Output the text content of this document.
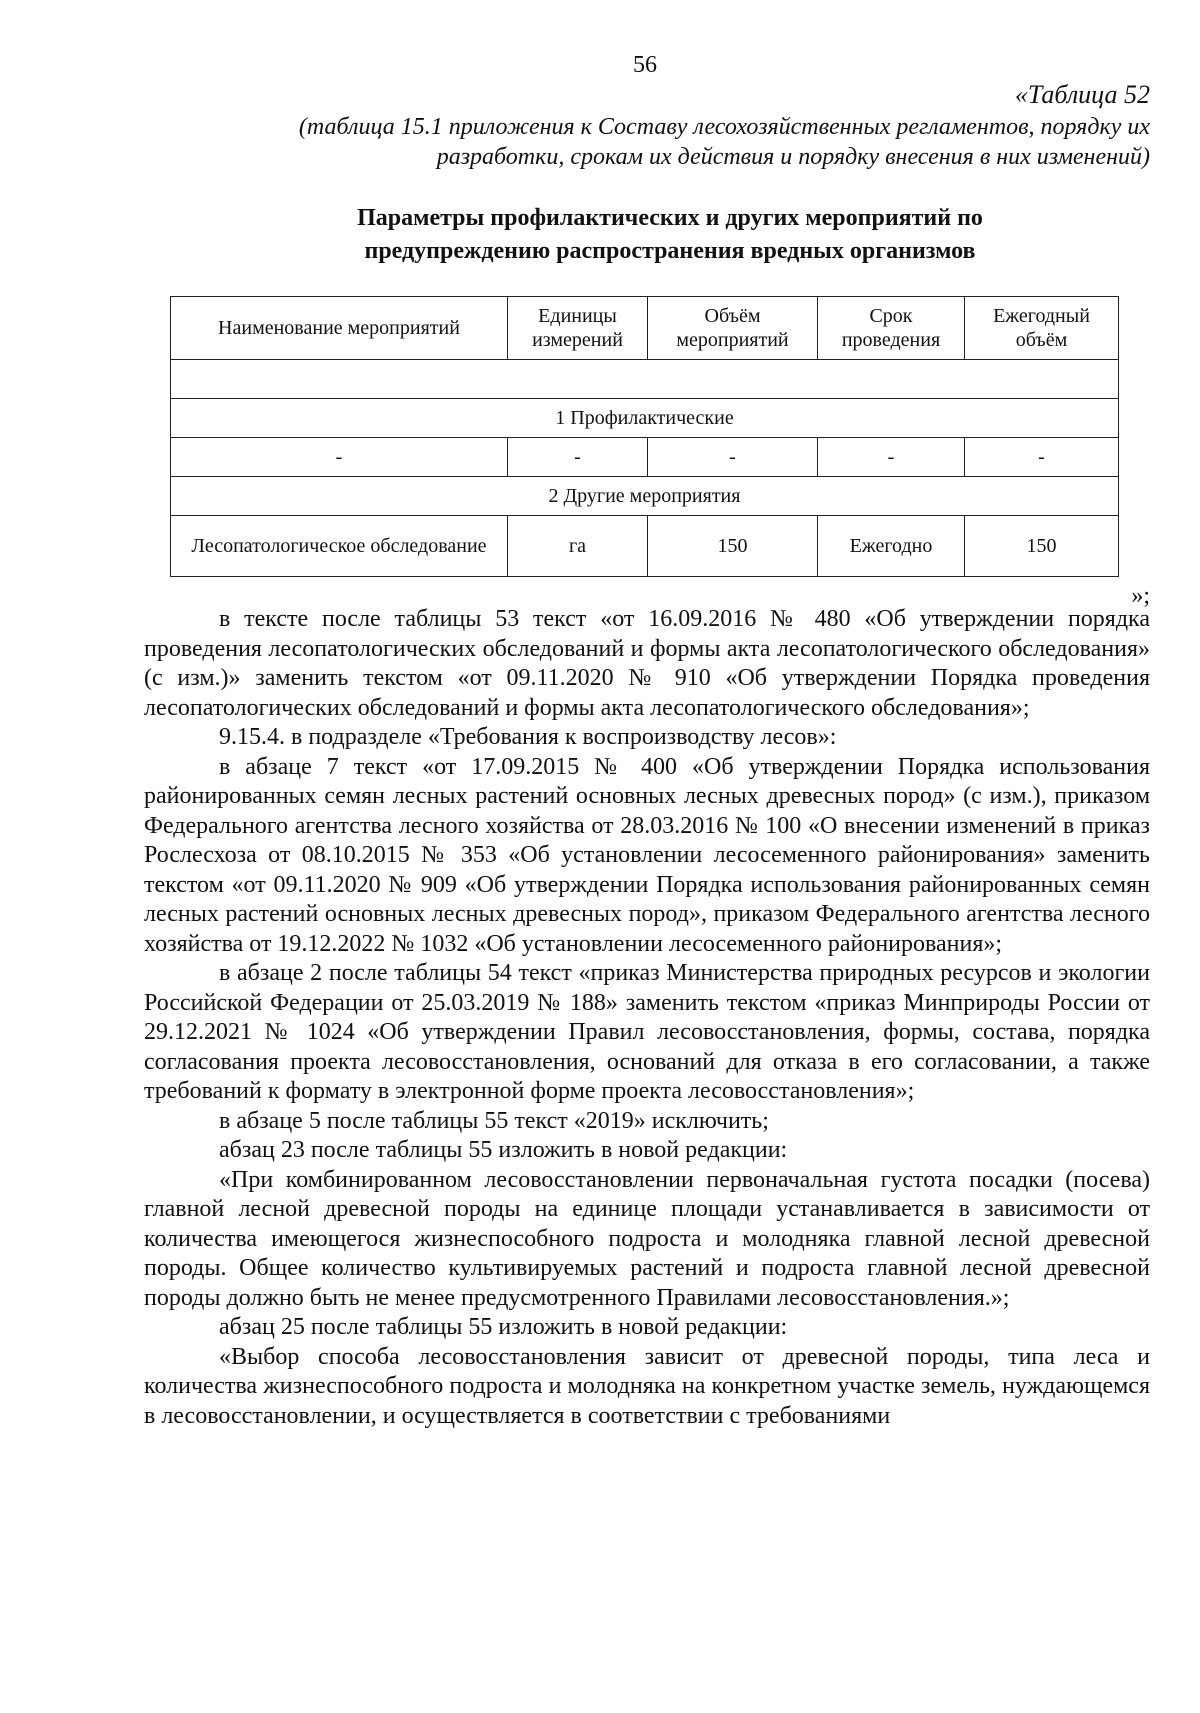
56
«Таблица 52
(таблица 15.1 приложения к Составу лесохозяйственных регламентов, порядку их разработки, срокам их действия и порядку внесения в них изменений)
Параметры профилактических и других мероприятий по
предупреждению распространения вредных организмов
Наименование мероприятий	Единицы измерений	Объём мероприятий	Срок проведения	Ежегодный объём

1 Профилактические				
-	-	-	-	-
2 Другие мероприятия				
Лесопатологическое обследование	га	150	Ежегодно	150
»;

в тексте после таблицы 53 текст «от 16.09.2016 № 480 «Об утверждении порядка проведения лесопатологических обследований и формы акта лесопатологического обследования» (с изм.)» заменить текстом «от 09.11.2020 № 910 «Об утверждении Порядка проведения лесопатологических обследований и формы акта лесопатологического обследования»;

9.15.4. в подразделе «Требования к воспроизводству лесов»:

в абзаце 7 текст «от 17.09.2015 № 400 «Об утверждении Порядка использования районированных семян лесных растений основных лесных древесных пород» (с изм.), приказом Федерального агентства лесного хозяйства от 28.03.2016 № 100 «О внесении изменений в приказ Рослесхоза от 08.10.2015 № 353 «Об установлении лесосеменного районирования» заменить текстом «от 09.11.2020 № 909 «Об утверждении Порядка использования районированных семян лесных растений основных лесных древесных пород», приказом Федерального агентства лесного хозяйства от 19.12.2022 № 1032 «Об установлении лесосеменного районирования»;

в абзаце 2 после таблицы 54 текст «приказ Министерства природных ресурсов и экологии Российской Федерации от 25.03.2019 № 188» заменить текстом «приказ Минприроды России от 29.12.2021 № 1024 «Об утверждении Правил лесовосстановления, формы, состава, порядка согласования проекта лесовосстановления, оснований для отказа в его согласовании, а также требований к формату в электронной форме проекта лесовосстановления»;

в абзаце 5 после таблицы 55 текст «2019» исключить;

абзац 23 после таблицы 55 изложить в новой редакции:

«При комбинированном лесовосстановлении первоначальная густота посадки (посева) главной лесной древесной породы на единице площади устанавливается в зависимости от количества имеющегося жизнеспособного подроста и молодняка главной лесной древесной породы. Общее количество культивируемых растений и подроста главной лесной древесной породы должно быть не менее предусмотренного Правилами лесовосстановления.»;

абзац 25 после таблицы 55 изложить в новой редакции:

«Выбор способа лесовосстановления зависит от древесной породы, типа леса и количества жизнеспособного подроста и молодняка на конкретном участке земель, нуждающемся в лесовосстановлении, и осуществляется в соответствии с требованиями
